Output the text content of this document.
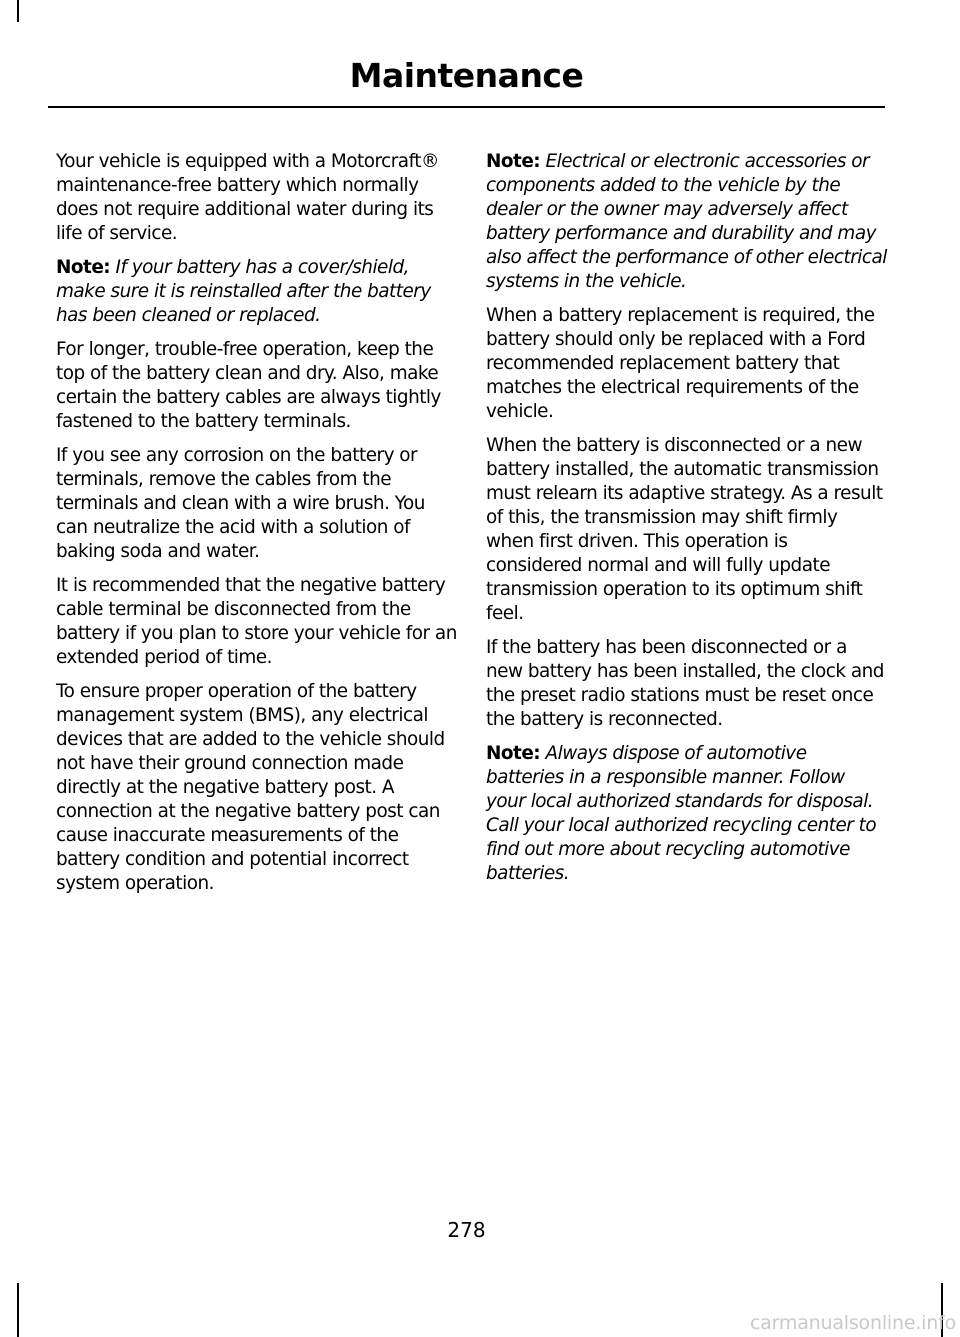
Maintenance

Your vehicle is equipped with a Motorcraft® maintenance-free battery which normally does not require additional water during its life of service.

Note: If your battery has a cover/shield, make sure it is reinstalled after the battery has been cleaned or replaced.

For longer, trouble-free operation, keep the top of the battery clean and dry. Also, make certain the battery cables are always tightly fastened to the battery terminals.

If you see any corrosion on the battery or terminals, remove the cables from the terminals and clean with a wire brush. You can neutralize the acid with a solution of baking soda and water.

It is recommended that the negative battery cable terminal be disconnected from the battery if you plan to store your vehicle for an extended period of time.

To ensure proper operation of the battery management system (BMS), any electrical devices that are added to the vehicle should not have their ground connection made directly at the negative battery post. A connection at the negative battery post can cause inaccurate measurements of the battery condition and potential incorrect system operation.

Note: Electrical or electronic accessories or components added to the vehicle by the dealer or the owner may adversely affect battery performance and durability and may also affect the performance of other electrical systems in the vehicle.

When a battery replacement is required, the battery should only be replaced with a Ford recommended replacement battery that matches the electrical requirements of the vehicle.

When the battery is disconnected or a new battery installed, the automatic transmission must relearn its adaptive strategy. As a result of this, the transmission may shift firmly when first driven. This operation is considered normal and will fully update transmission operation to its optimum shift feel.

If the battery has been disconnected or a new battery has been installed, the clock and the preset radio stations must be reset once the battery is reconnected.

Note: Always dispose of automotive batteries in a responsible manner. Follow your local authorized standards for disposal. Call your local authorized recycling center to find out more about recycling automotive batteries.

278
carmanualsonline.info
